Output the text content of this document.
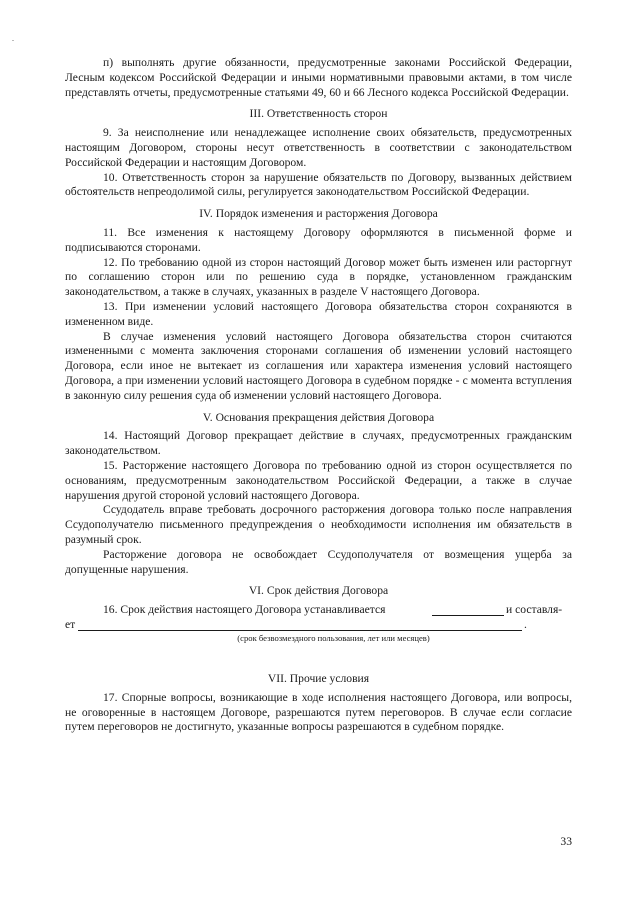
п) выполнять другие обязанности, предусмотренные законами Российской Федерации, Лесным кодексом Российской Федерации и иными нормативными правовыми актами, в том числе представлять отчеты, предусмотренные статьями 49, 60 и 66 Лесного кодекса Российской Федерации.

III. Ответственность сторон

9. За неисполнение или ненадлежащее исполнение своих обязательств, предусмотренных настоящим Договором, стороны несут ответственность в соответствии с законодательством Российской Федерации и настоящим Договором.

10. Ответственность сторон за нарушение обязательств по Договору, вызванных действием обстоятельств непреодолимой силы, регулируется законодательством Российской Федерации.

IV. Порядок изменения и расторжения Договора

11. Все изменения к настоящему Договору оформляются в письменной форме и подписываются сторонами.

12. По требованию одной из сторон настоящий Договор может быть изменен или расторгнут по соглашению сторон или по решению суда в порядке, установленном гражданским законодательством, а также в случаях, указанных в разделе V настоящего Договора.

13. При изменении условий настоящего Договора обязательства сторон сохраняются в измененном виде.

В случае изменения условий настоящего Договора обязательства сторон считаются измененными с момента заключения сторонами соглашения об изменении условий настоящего Договора, если иное не вытекает из соглашения или характера изменения условий настоящего Договора, а при изменении условий настоящего Договора в судебном порядке - с момента вступления в законную силу решения суда об изменении условий настоящего Договора.

V. Основания прекращения действия Договора

14. Настоящий Договор прекращает действие в случаях, предусмотренных гражданским законодательством.

15. Расторжение настоящего Договора по требованию одной из сторон осуществляется по основаниям, предусмотренным законодательством Российской Федерации, а также в случае нарушения другой стороной условий настоящего Договора.

Ссудодатель вправе требовать досрочного расторжения договора только после направления Ссудополучателю письменного предупреждения о необходимости исполнения им обязательств в разумный срок.

Расторжение договора не освобождает Ссудополучателя от возмещения ущерба за допущенные нарушения.

VI. Срок действия Договора
16. Срок действия настоящего Договора устанавливается	и составля-
ет	.
(срок безвозмездного пользования, лет или месяцев)
VII. Прочие условия

17. Спорные вопросы, возникающие в ходе исполнения настоящего Договора, или вопросы, не оговоренные в настоящем Договоре, разрешаются путем переговоров. В случае если согласие путем переговоров не достигнуто, указанные вопросы разрешаются в судебном порядке.

33
